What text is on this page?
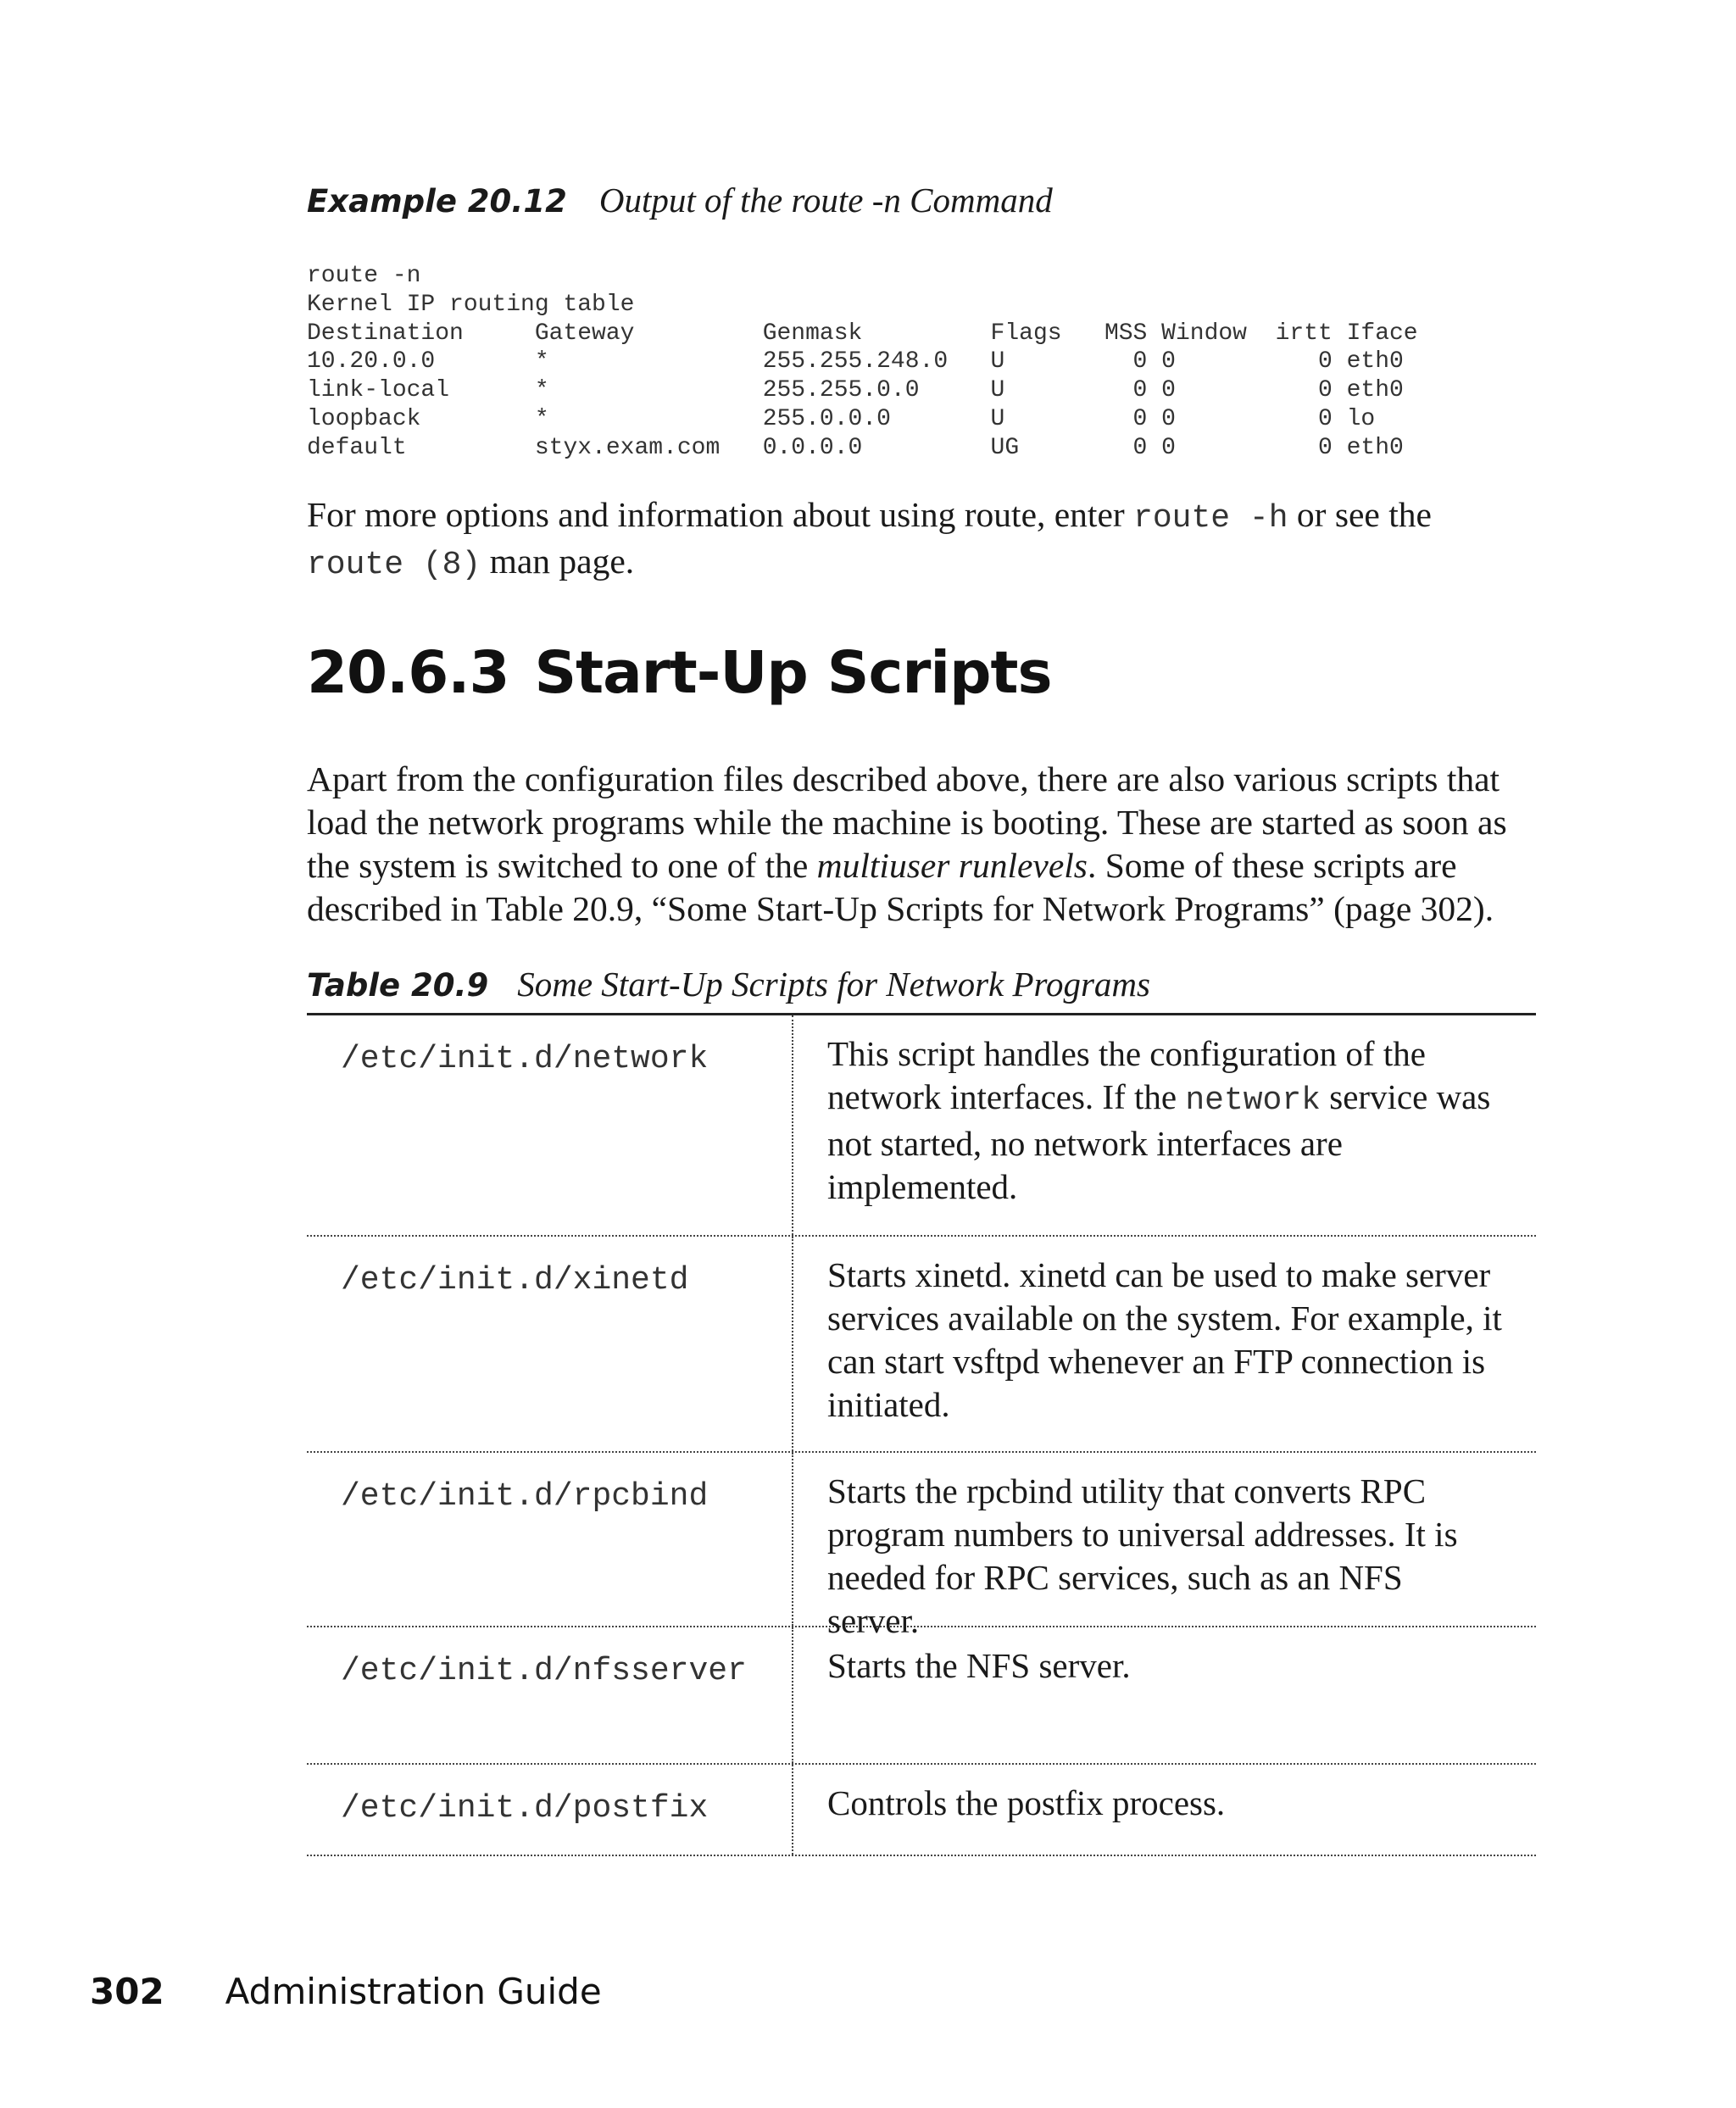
Example 20.12 Output of the route -n Command
route -n
Kernel IP routing table
Destination     Gateway         Genmask         Flags   MSS Window  irtt Iface
10.20.0.0       *               255.255.248.0   U         0 0          0 eth0
link-local      *               255.255.0.0     U         0 0          0 eth0
loopback        *               255.0.0.0       U         0 0          0 lo
default         styx.exam.com   0.0.0.0         UG        0 0          0 eth0

For more options and information about using route, enter route -h or see the route (8) man page.

20.6.3 Start-Up Scripts

Apart from the configuration files described above, there are also various scripts that load the network programs while the machine is booting. These are started as soon as the system is switched to one of the multiuser runlevels. Some of these scripts are described in Table 20.9, “Some Start-Up Scripts for Network Programs” (page 302).

Table 20.9 Some Start-Up Scripts for Network Programs
/etc/init.d/network	This script handles the configuration of the network interfaces. If the network service was not started, no network interfaces are implemented.
/etc/init.d/xinetd	Starts xinetd. xinetd can be used to make server services available on the system. For example, it can start vsftpd whenever an FTP connection is initiated.
/etc/init.d/rpcbind	Starts the rpcbind utility that converts RPC program numbers to universal addresses. It is needed for RPC services, such as an NFS server.
/etc/init.d/nfsserver	Starts the NFS server.
/etc/init.d/postfix	Controls the postfix process.
302 Administration Guide
